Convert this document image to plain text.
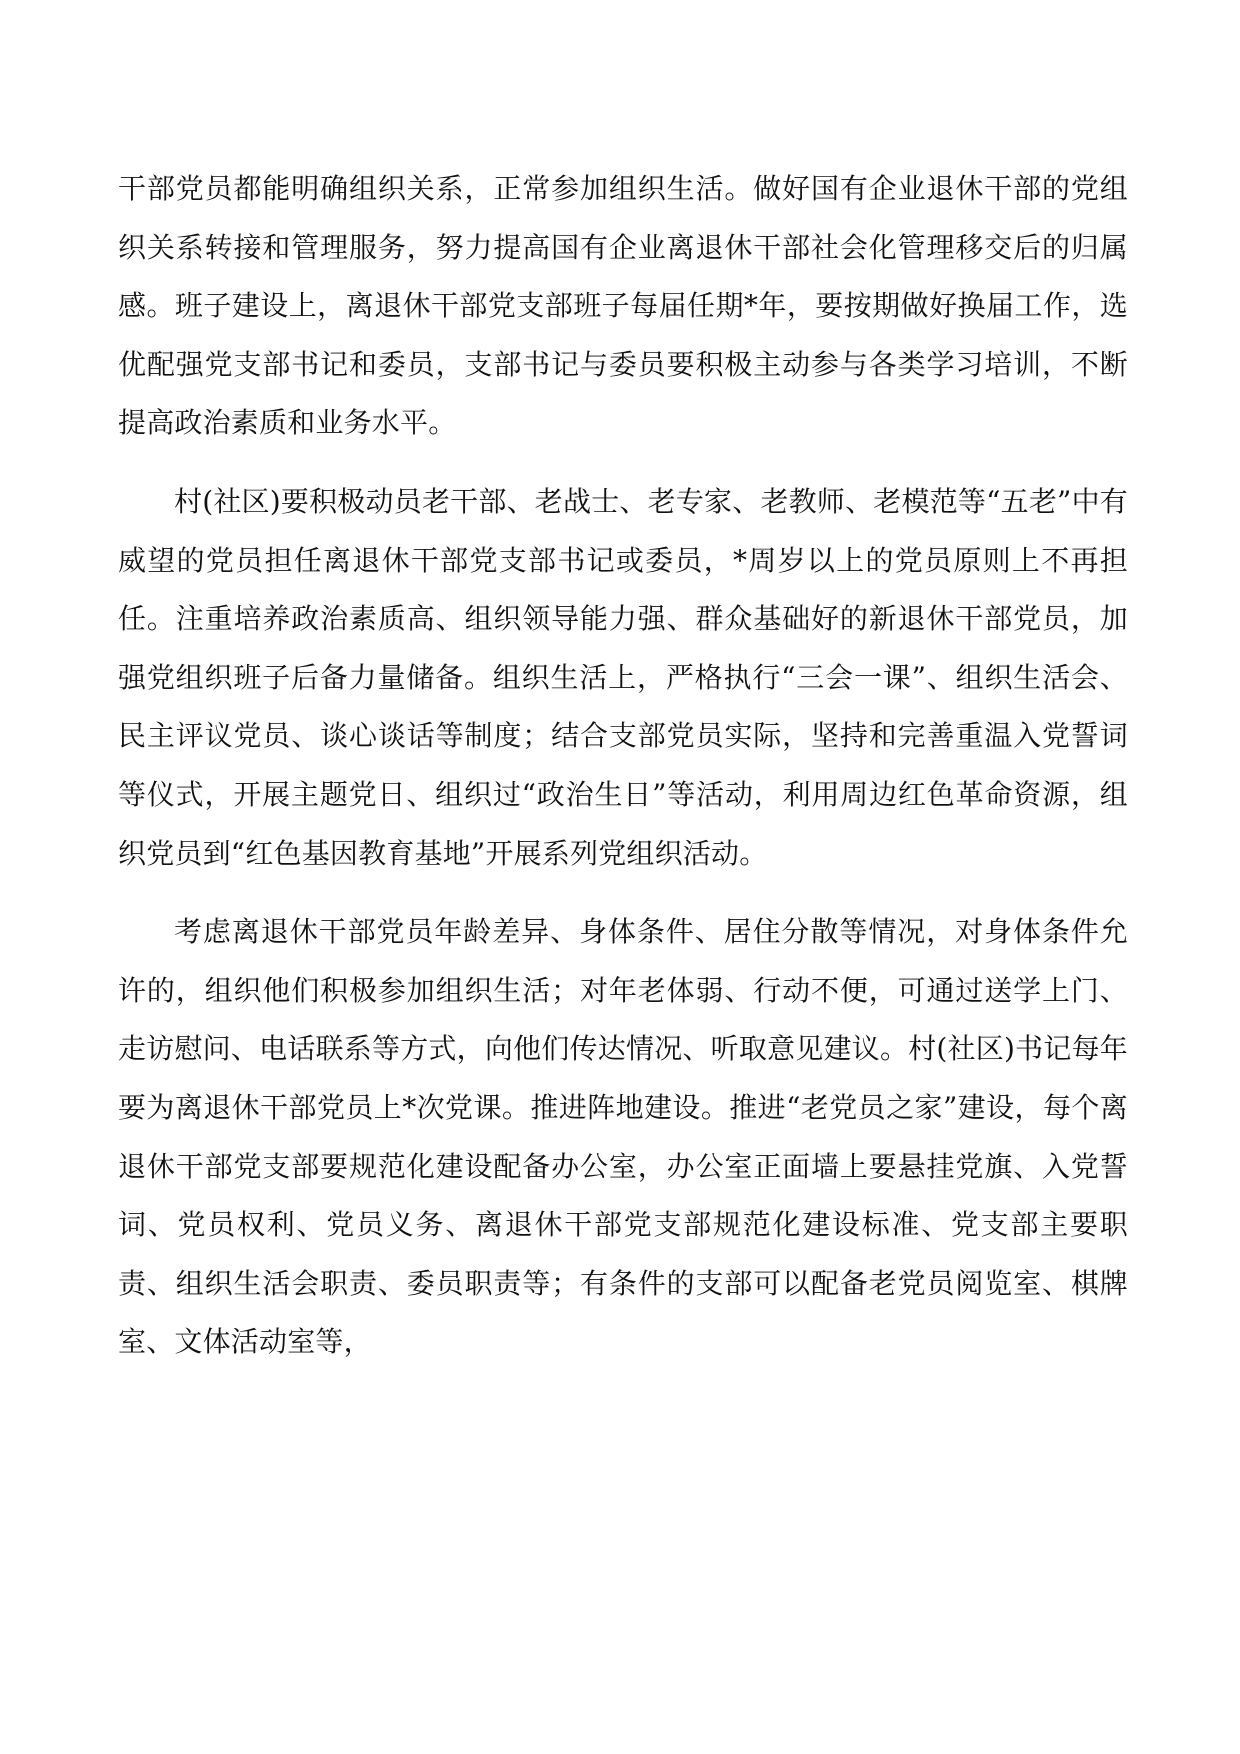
干部党员都能明确组织关系，正常参加组织生活。做好国有企业退休干部的党组织关系转接和管理服务，努力提高国有企业离退休干部社会化管理移交后的归属感。班子建设上，离退休干部党支部班子每届任期*年，要按期做好换届工作，选优配强党支部书记和委员，支部书记与委员要积极主动参与各类学习培训，不断提高政治素质和业务水平。

村(社区)要积极动员老干部、老战士、老专家、老教师、老模范等“五老”中有威望的党员担任离退休干部党支部书记或委员，*周岁以上的党员原则上不再担任。注重培养政治素质高、组织领导能力强、群众基础好的新退休干部党员，加强党组织班子后备力量储备。组织生活上，严格执行“三会一课”、组织生活会、民主评议党员、谈心谈话等制度；结合支部党员实际，坚持和完善重温入党誓词等仪式，开展主题党日、组织过“政治生日”等活动，利用周边红色革命资源，组织党员到“红色基因教育基地”开展系列党组织活动。

考虑离退休干部党员年龄差异、身体条件、居住分散等情况，对身体条件允许的，组织他们积极参加组织生活；对年老体弱、行动不便，可通过送学上门、走访慰问、电话联系等方式，向他们传达情况、听取意见建议。村(社区)书记每年要为离退休干部党员上*次党课。推进阵地建设。推进“老党员之家”建设，每个离退休干部党支部要规范化建设配备办公室，办公室正面墙上要悬挂党旗、入党誓词、党员权利、党员义务、离退休干部党支部规范化建设标准、党支部主要职责、组织生活会职责、委员职责等；有条件的支部可以配备老党员阅览室、棋牌室、文体活动室等，
